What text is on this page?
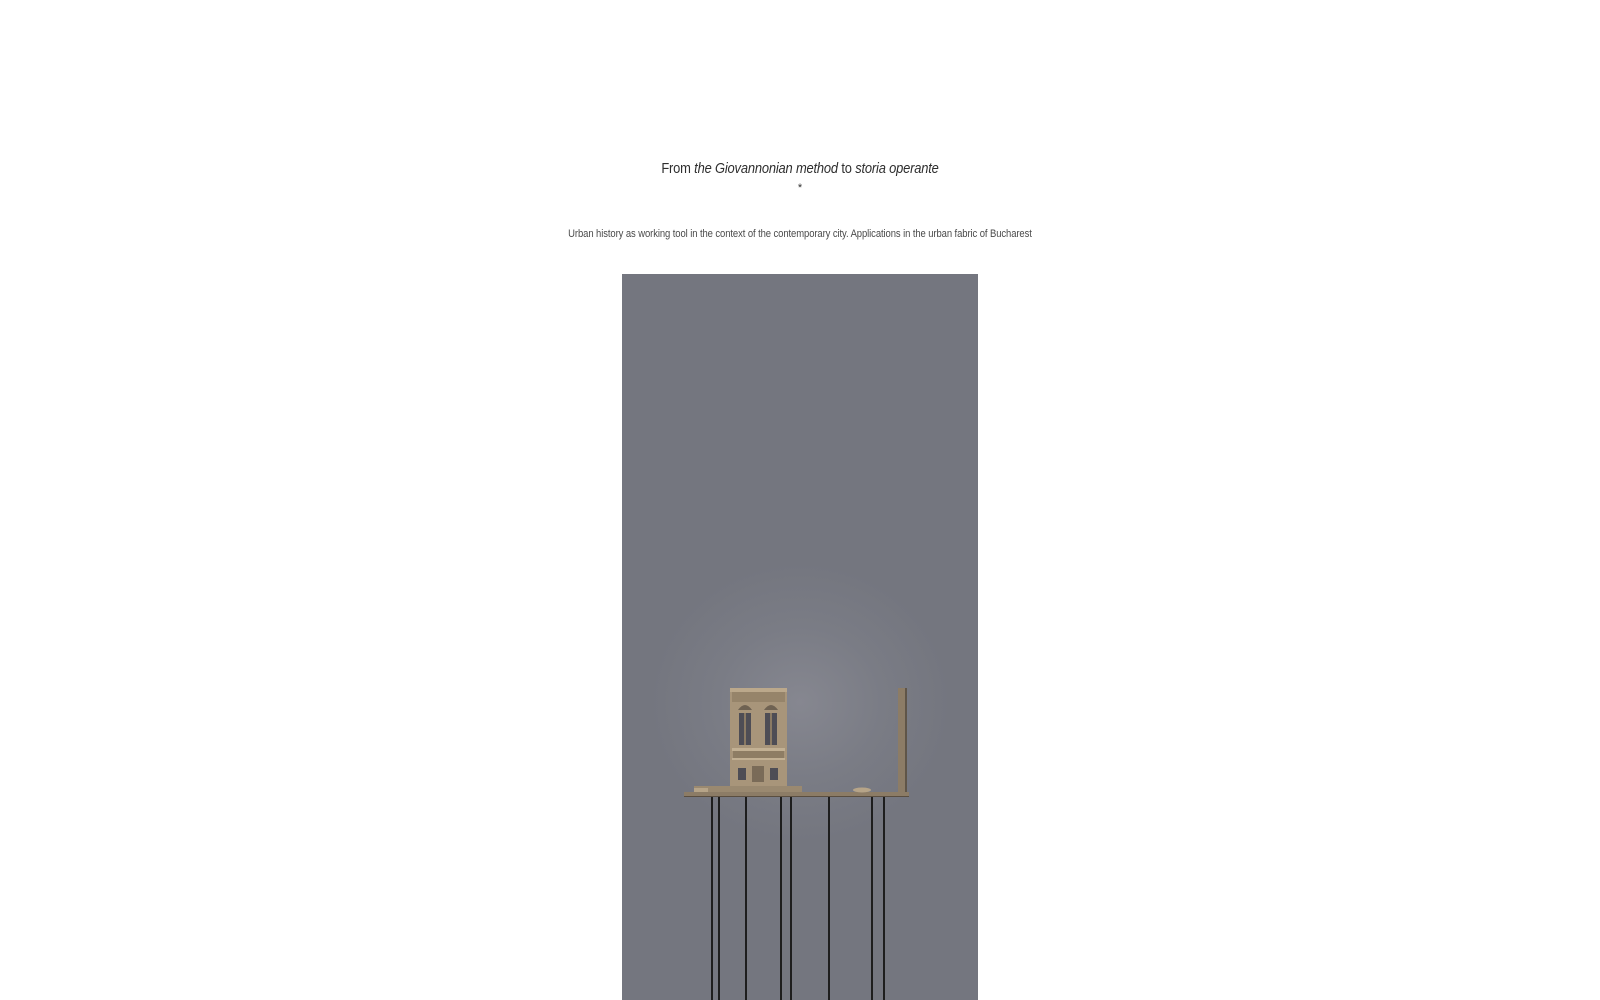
From the Giovannonian method to storia operante
*
Urban history as working tool in the context of the contemporary city. Applications in the urban fabric of Bucharest
